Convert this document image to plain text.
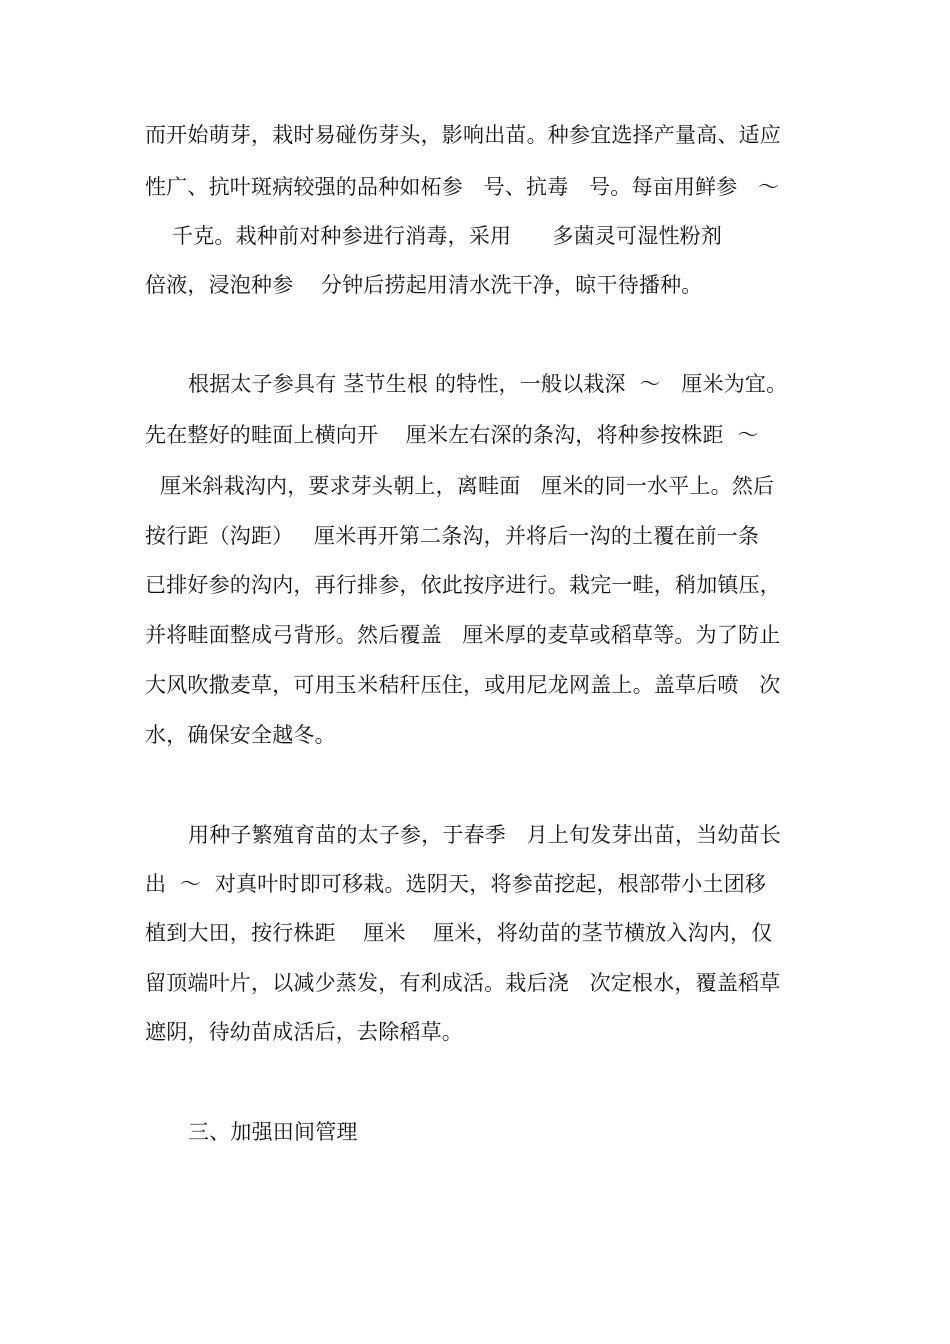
而开始萌芽，栽时易碰伤芽头，影响出苗。种参宜选择产量高、适应
性广、抗叶斑病较强的品种如柘参   号、抗毒   号。每亩用鲜参   ～
千克。栽种前对种参进行消毒，采用      多菌灵可湿性粉剂
倍液，浸泡种参    分钟后捞起用清水洗干净，晾干待播种。
根据太子参具有 茎节生根 的特性，一般以栽深  ～   厘米为宜。
先在整好的畦面上横向开    厘米左右深的条沟，将种参按株距  ～
厘米斜栽沟内，要求芽头朝上，离畦面   厘米的同一水平上。然后
按行距（沟距）   厘米再开第二条沟，并将后一沟的土覆在前一条
已排好参的沟内，再行排参，依此按序进行。栽完一畦，稍加镇压，
并将畦面整成弓背形。然后覆盖   厘米厚的麦草或稻草等。为了防止
大风吹撒麦草，可用玉米秸秆压住，或用尼龙网盖上。盖草后喷   次
水，确保安全越冬。
用种子繁殖育苗的太子参，于春季   月上旬发芽出苗，当幼苗长
出  ～  对真叶时即可移栽。选阴天，将参苗挖起，根部带小土团移
植到大田，按行株距    厘米    厘米，将幼苗的茎节横放入沟内，仅
留顶端叶片，以减少蒸发，有利成活。栽后浇   次定根水，覆盖稻草
遮阴，待幼苗成活后，去除稻草。
三、加强田间管理
